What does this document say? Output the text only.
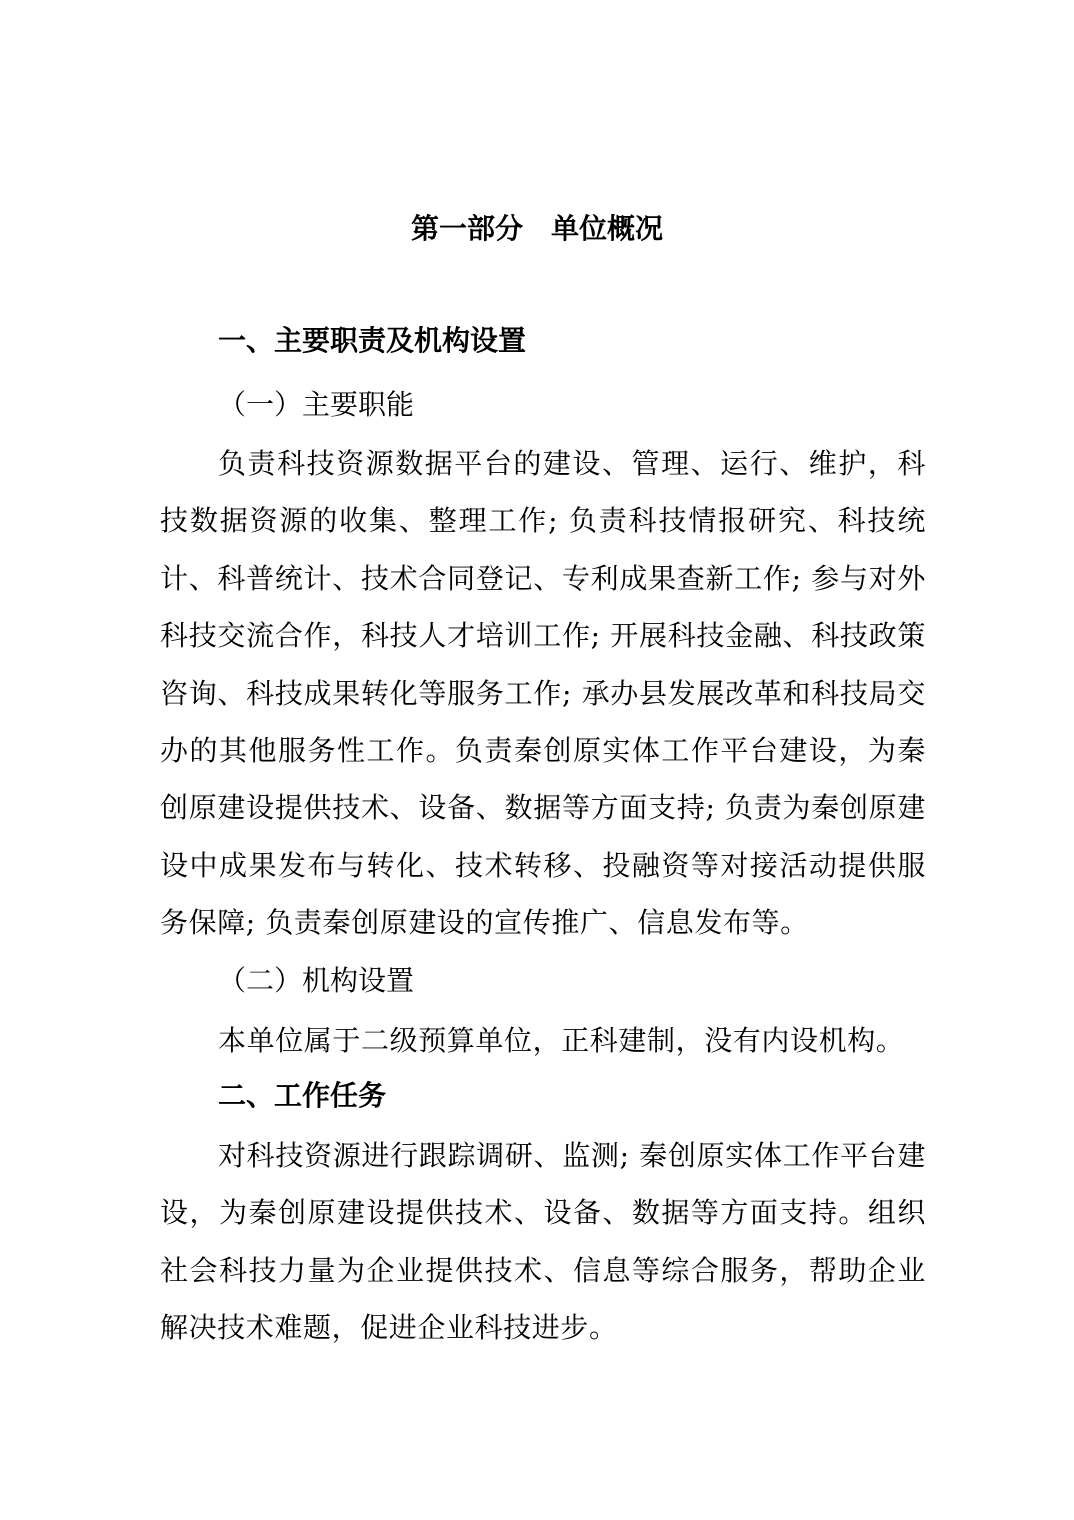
第一部分　单位概况
一、主要职责及机构设置
（一）主要职能
负责科技资源数据平台的建设、管理、运行、维护，科技数据资源的收集、整理工作; 负责科技情报研究、科技统计、科普统计、技术合同登记、专利成果查新工作; 参与对外科技交流合作，科技人才培训工作; 开展科技金融、科技政策咨询、科技成果转化等服务工作; 承办县发展改革和科技局交办的其他服务性工作。负责秦创原实体工作平台建设，为秦创原建设提供技术、设备、数据等方面支持; 负责为秦创原建设中成果发布与转化、技术转移、投融资等对接活动提供服务保障; 负责秦创原建设的宣传推广、信息发布等。
（二）机构设置
本单位属于二级预算单位，正科建制，没有内设机构。
二、工作任务
对科技资源进行跟踪调研、监测; 秦创原实体工作平台建设，为秦创原建设提供技术、设备、数据等方面支持。组织社会科技力量为企业提供技术、信息等综合服务，帮助企业解决技术难题，促进企业科技进步。
